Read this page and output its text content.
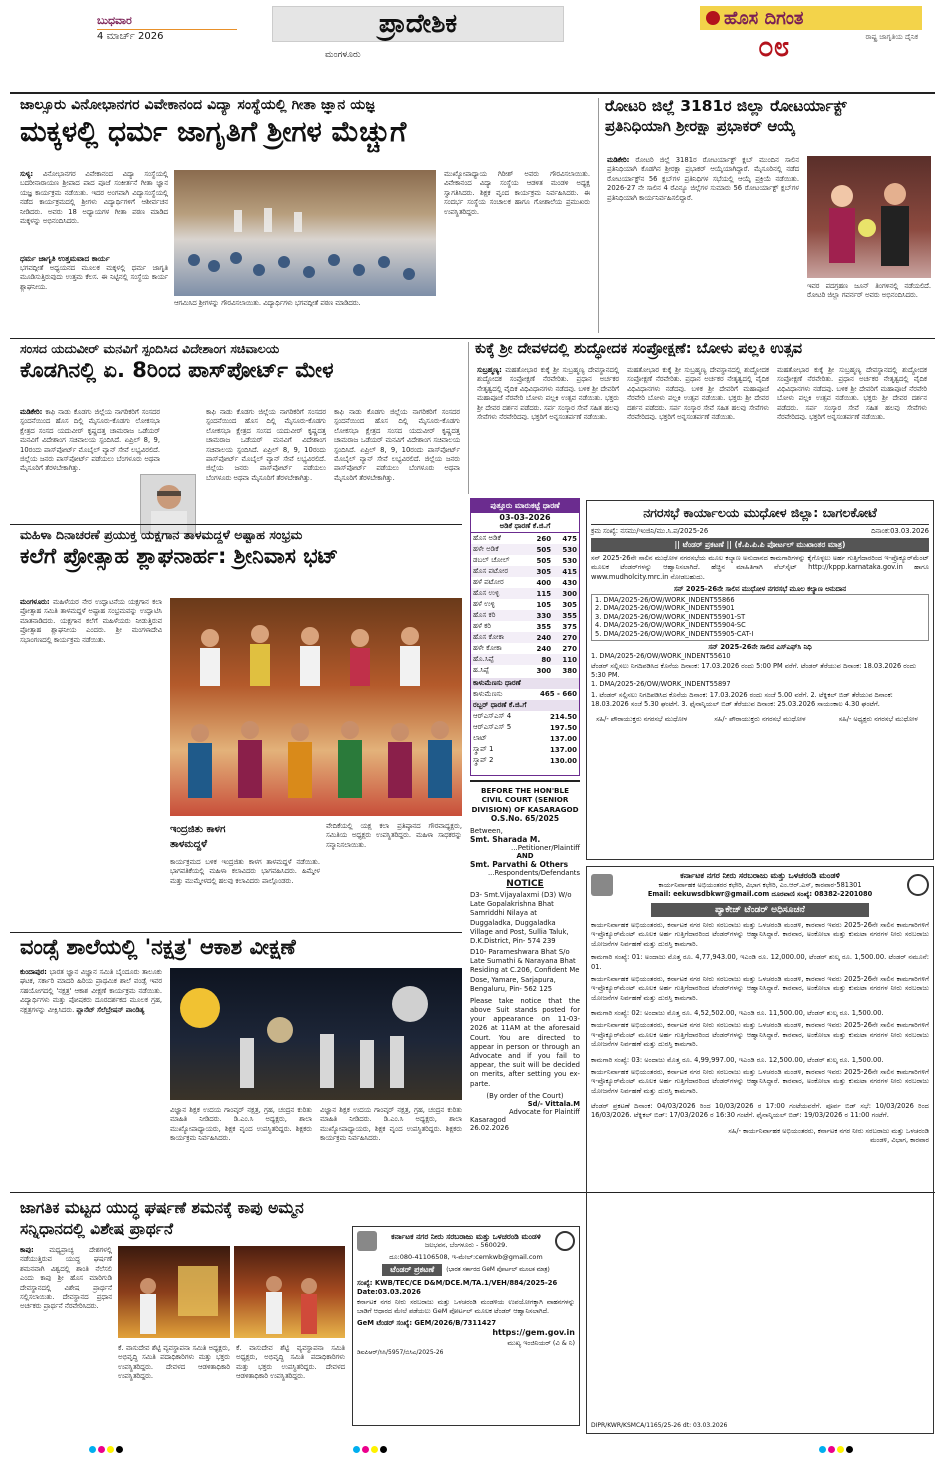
ಬುಧವಾರ
4 ಮಾರ್ಚ್ 2026
ಮಂಗಳೂರು
ಪ್ರಾದೇಶಿಕ	ಹೊಸ ದಿಗಂತ
೦೮	ರಾಷ್ಟ್ರ ಜಾಗೃತಿಯ ದೈನಿಕ
ಜಾಲ್ಸೂರು ವಿನೋಭಾನಗರ ವಿವೇಕಾನಂದ ವಿದ್ಯಾ ಸಂಸ್ಥೆಯಲ್ಲಿ ಗೀತಾ ಜ್ಞಾನ ಯಜ್ಞ
ಮಕ್ಕಳಲ್ಲಿ ಧರ್ಮ ಜಾಗೃತಿಗೆ ಶ್ರೀಗಳ ಮೆಚ್ಚುಗೆ
ಸುಳ್ಯ: ವಿನೋಭಾನಗರ ವಿವೇಕಾನಂದ ವಿದ್ಯಾ ಸಂಸ್ಥೆಯಲ್ಲಿ ಬದರೀನಾರಾಯಣ ಶ್ರೀಪಾದ ಪಾದ ಪೂಜೆ ಸಂಕೀರ್ತನೆ ಗೀತಾ ಜ್ಞಾನ ಯಜ್ಞ ಕಾರ್ಯಕ್ರಮ ನಡೆಯಿತು. ಇದರ ಅಂಗವಾಗಿ ವಿದ್ಯಾಸಂಸ್ಥೆಯಲ್ಲಿ ನಡೆದ ಕಾರ್ಯಕ್ರಮದಲ್ಲಿ ಶ್ರೀಗಳು ವಿದ್ಯಾರ್ಥಿಗಳಿಗೆ ಆಶೀರ್ವಚನ ನೀಡಿದರು. ಅವರು 18 ಅಧ್ಯಾಯಗಳ ಗೀತಾ ಪಠಣ ಮಾಡಿದ ಮಕ್ಕಳನ್ನು ಅಭಿನಂದಿಸಿದರು.
ಧರ್ಮ ಜಾಗೃತಿ ಉತ್ತಮವಾದ ಕಾರ್ಯ
ಭಗವದ್ಗೀತೆ ಅಧ್ಯಯನದ ಮೂಲಕ ಮಕ್ಕಳಲ್ಲಿ ಧರ್ಮ ಜಾಗೃತಿ ಮೂಡಿಸುತ್ತಿರುವುದು ಉತ್ತಮ ಕೆಲಸ. ಈ ನಿಟ್ಟಿನಲ್ಲಿ ಸಂಸ್ಥೆಯ ಕಾರ್ಯ ಶ್ಲಾಘನೀಯ.
ಆಗಮಿಸಿದ ಶ್ರೀಗಳನ್ನು ಗೌರವಿಸಲಾಯಿತು. ವಿದ್ಯಾರ್ಥಿಗಳು ಭಗವದ್ಗೀತೆ ಪಠಣ ಮಾಡಿದರು.
ಮುಖ್ಯೋಪಾಧ್ಯಾಯ ಗಿರೀಶ್ ಅವರು ಗೌರವಿಸಲಾಯಿತು. ವಿವೇಕಾನಂದ ವಿದ್ಯಾ ಸಂಸ್ಥೆಯ ಆಡಳಿತ ಮಂಡಳಿ ಅಧ್ಯಕ್ಷ ಸ್ವಾಗತಿಸಿದರು. ಶಿಕ್ಷಕ ವೃಂದ ಕಾರ್ಯಕ್ರಮ ನಿರ್ವಹಿಸಿದರು. ಈ ಸಂದರ್ಭ ಸಂಸ್ಥೆಯ ಸಂಚಾಲಕ ಹಾಗೂ ಗೋಶಾಲೆಯ ಪ್ರಮುಖರು ಉಪಸ್ಥಿತರಿದ್ದರು.
ರೋಟರಿ ಜಿಲ್ಲೆ 3181ರ ಜಿಲ್ಲಾ ರೋಟರ್ಯಾಕ್ಟ್
ಪ್ರತಿನಿಧಿಯಾಗಿ ಶ್ರೀರಕ್ಷಾ ಪ್ರಭಾಕರ್ ಆಯ್ಕೆ
ಮಡಿಕೇರಿ: ರೋಟರಿ ಜಿಲ್ಲೆ 3181ರ ರೋಟರ್ಯಾಕ್ಟ್ ಕ್ಲಬ್ ಮುಂದಿನ ಸಾಲಿನ ಪ್ರತಿನಿಧಿಯಾಗಿ ಕೊಡಗಿನ ಶ್ರೀರಕ್ಷಾ ಪ್ರಭಾಕರ್ ಆಯ್ಕೆಯಾಗಿದ್ದಾರೆ. ಮೈಸೂರಿನಲ್ಲಿ ನಡೆದ ರೋಟರ್ಯಾಕ್ಟ್‌ನ 56 ಕ್ಲಬ್‌ಗಳ ಪ್ರತಿನಿಧಿಗಳ ಸಭೆಯಲ್ಲಿ ಆಯ್ಕೆ ಪ್ರಕ್ರಿಯೆ ನಡೆಯಿತು. 2026-27 ನೇ ಸಾಲಿನ 4 ರೆವಿನ್ಯೂ ಜಿಲ್ಲೆಗಳ ಸುಮಾರು 56 ರೋಟರ್ಯಾಕ್ಟ್ ಕ್ಲಬ್‌ಗಳ ಪ್ರತಿನಿಧಿಯಾಗಿ ಕಾರ್ಯನಿರ್ವಹಿಸಲಿದ್ದಾರೆ.
ಇವರ ಪದಗ್ರಹಣ ಜೂನ್ ತಿಂಗಳಿನಲ್ಲಿ ನಡೆಯಲಿದೆ. ರೋಟರಿ ಜಿಲ್ಲಾ ಗವರ್ನರ್ ಅವರು ಅಭಿನಂದಿಸಿದರು.
ಸಂಸದ ಯದುವೀರ್ ಮನವಿಗೆ ಸ್ಪಂದಿಸಿದ ವಿದೇಶಾಂಗ ಸಚಿವಾಲಯ
ಕೊಡಗಿನಲ್ಲಿ ಏ. 8ರಿಂದ ಪಾಸ್‌ಪೋರ್ಟ್ ಮೇಳ
ಮಡಿಕೇರಿ: ಕಾಫಿ ನಾಡು ಕೊಡಗು ಜಿಲ್ಲೆಯ ನಾಗರಿಕರಿಗೆ ಸಂಸದರ ಸ್ಪಂದನೆಯಿಂದ ಹೊಸ ದಿಲ್ಲಿ ಮೈಸೂರು-ಕೊಡಗು ಲೋಕಸಭಾ ಕ್ಷೇತ್ರದ ಸಂಸದ ಯದುವೀರ್ ಕೃಷ್ಣದತ್ತ ಚಾಮರಾಜ ಒಡೆಯರ್ ಮನವಿಗೆ ವಿದೇಶಾಂಗ ಸಚಿವಾಲಯ ಸ್ಪಂದಿಸಿದೆ. ಏಪ್ರಿಲ್ 8, 9, 10ರಂದು ಪಾಸ್‌ಪೋರ್ಟ್ ಮೊಬೈಲ್ ವ್ಯಾನ್ ಸೇವೆ ಲಭ್ಯವಿರಲಿದೆ. ಜಿಲ್ಲೆಯ ಜನರು ಪಾಸ್‌ಪೋರ್ಟ್ ಪಡೆಯಲು ಬೆಂಗಳೂರು ಅಥವಾ ಮೈಸೂರಿಗೆ ತೆರಳಬೇಕಾಗಿತ್ತು.
ಕಾಫಿ ನಾಡು ಕೊಡಗು ಜಿಲ್ಲೆಯ ನಾಗರಿಕರಿಗೆ ಸಂಸದರ ಸ್ಪಂದನೆಯಿಂದ ಹೊಸ ದಿಲ್ಲಿ ಮೈಸೂರು-ಕೊಡಗು ಲೋಕಸಭಾ ಕ್ಷೇತ್ರದ ಸಂಸದ ಯದುವೀರ್ ಕೃಷ್ಣದತ್ತ ಚಾಮರಾಜ ಒಡೆಯರ್ ಮನವಿಗೆ ವಿದೇಶಾಂಗ ಸಚಿವಾಲಯ ಸ್ಪಂದಿಸಿದೆ. ಏಪ್ರಿಲ್ 8, 9, 10ರಂದು ಪಾಸ್‌ಪೋರ್ಟ್ ಮೊಬೈಲ್ ವ್ಯಾನ್ ಸೇವೆ ಲಭ್ಯವಿರಲಿದೆ. ಜಿಲ್ಲೆಯ ಜನರು ಪಾಸ್‌ಪೋರ್ಟ್ ಪಡೆಯಲು ಬೆಂಗಳೂರು ಅಥವಾ ಮೈಸೂರಿಗೆ ತೆರಳಬೇಕಾಗಿತ್ತು.
ಕಾಫಿ ನಾಡು ಕೊಡಗು ಜಿಲ್ಲೆಯ ನಾಗರಿಕರಿಗೆ ಸಂಸದರ ಸ್ಪಂದನೆಯಿಂದ ಹೊಸ ದಿಲ್ಲಿ ಮೈಸೂರು-ಕೊಡಗು ಲೋಕಸಭಾ ಕ್ಷೇತ್ರದ ಸಂಸದ ಯದುವೀರ್ ಕೃಷ್ಣದತ್ತ ಚಾಮರಾಜ ಒಡೆಯರ್ ಮನವಿಗೆ ವಿದೇಶಾಂಗ ಸಚಿವಾಲಯ ಸ್ಪಂದಿಸಿದೆ. ಏಪ್ರಿಲ್ 8, 9, 10ರಂದು ಪಾಸ್‌ಪೋರ್ಟ್ ಮೊಬೈಲ್ ವ್ಯಾನ್ ಸೇವೆ ಲಭ್ಯವಿರಲಿದೆ. ಜಿಲ್ಲೆಯ ಜನರು ಪಾಸ್‌ಪೋರ್ಟ್ ಪಡೆಯಲು ಬೆಂಗಳೂರು ಅಥವಾ ಮೈಸೂರಿಗೆ ತೆರಳಬೇಕಾಗಿತ್ತು.
ಕುಕ್ಕೆ ಶ್ರೀ ದೇವಳದಲ್ಲಿ ಶುದ್ಧೋದಕ ಸಂಪ್ರೋಕ್ಷಣೆ: ಬೋಳು ಪಲ್ಲಕಿ ಉತ್ಸವ
ಸುಬ್ರಹ್ಮಣ್ಯ: ಮಹತೋಭಾರ ಕುಕ್ಕೆ ಶ್ರೀ ಸುಬ್ರಹ್ಮಣ್ಯ ದೇವಸ್ಥಾನದಲ್ಲಿ ಶುದ್ಧೋದಕ ಸಂಪ್ರೋಕ್ಷಣೆ ನೆರವೇರಿತು. ಪ್ರಧಾನ ಅರ್ಚಕರ ನೇತೃತ್ವದಲ್ಲಿ ವೈದಿಕ ವಿಧಿವಿಧಾನಗಳು ನಡೆದವು. ಬಳಿಕ ಶ್ರೀ ದೇವರಿಗೆ ಮಹಾಪೂಜೆ ನೆರವೇರಿ ಬೋಳು ಪಲ್ಲಕಿ ಉತ್ಸವ ನಡೆಯಿತು. ಭಕ್ತರು ಶ್ರೀ ದೇವರ ದರ್ಶನ ಪಡೆದರು. ಸರ್ಪ ಸಂಸ್ಕಾರ ಸೇವೆ ಸಹಿತ ಹಲವು ಸೇವೆಗಳು ನೆರವೇರಿದವು. ಭಕ್ತರಿಗೆ ಅನ್ನಸಂತರ್ಪಣೆ ನಡೆಯಿತು.
ಮಹತೋಭಾರ ಕುಕ್ಕೆ ಶ್ರೀ ಸುಬ್ರಹ್ಮಣ್ಯ ದೇವಸ್ಥಾನದಲ್ಲಿ ಶುದ್ಧೋದಕ ಸಂಪ್ರೋಕ್ಷಣೆ ನೆರವೇರಿತು. ಪ್ರಧಾನ ಅರ್ಚಕರ ನೇತೃತ್ವದಲ್ಲಿ ವೈದಿಕ ವಿಧಿವಿಧಾನಗಳು ನಡೆದವು. ಬಳಿಕ ಶ್ರೀ ದೇವರಿಗೆ ಮಹಾಪೂಜೆ ನೆರವೇರಿ ಬೋಳು ಪಲ್ಲಕಿ ಉತ್ಸವ ನಡೆಯಿತು. ಭಕ್ತರು ಶ್ರೀ ದೇವರ ದರ್ಶನ ಪಡೆದರು. ಸರ್ಪ ಸಂಸ್ಕಾರ ಸೇವೆ ಸಹಿತ ಹಲವು ಸೇವೆಗಳು ನೆರವೇರಿದವು. ಭಕ್ತರಿಗೆ ಅನ್ನಸಂತರ್ಪಣೆ ನಡೆಯಿತು.
ಮಹತೋಭಾರ ಕುಕ್ಕೆ ಶ್ರೀ ಸುಬ್ರಹ್ಮಣ್ಯ ದೇವಸ್ಥಾನದಲ್ಲಿ ಶುದ್ಧೋದಕ ಸಂಪ್ರೋಕ್ಷಣೆ ನೆರವೇರಿತು. ಪ್ರಧಾನ ಅರ್ಚಕರ ನೇತೃತ್ವದಲ್ಲಿ ವೈದಿಕ ವಿಧಿವಿಧಾನಗಳು ನಡೆದವು. ಬಳಿಕ ಶ್ರೀ ದೇವರಿಗೆ ಮಹಾಪೂಜೆ ನೆರವೇರಿ ಬೋಳು ಪಲ್ಲಕಿ ಉತ್ಸವ ನಡೆಯಿತು. ಭಕ್ತರು ಶ್ರೀ ದೇವರ ದರ್ಶನ ಪಡೆದರು. ಸರ್ಪ ಸಂಸ್ಕಾರ ಸೇವೆ ಸಹಿತ ಹಲವು ಸೇವೆಗಳು ನೆರವೇರಿದವು. ಭಕ್ತರಿಗೆ ಅನ್ನಸಂತರ್ಪಣೆ ನಡೆಯಿತು.
ಪುತ್ತೂರು ಮಾರುಕಟ್ಟೆ ಧಾರಣೆ
03-03-2026
ಅಡಿಕೆ ಧಾರಣೆ ಕೆ.ಜಿ.ಗೆ
ಹೊಸ ಅಡಿಕೆ	260	475
ಹಳೇ ಅಡಿಕೆ	505	530
ಡಬಲ್ ಚೋಲ್	505	530
ಹೊಸ ಪಟೋರ	305	415
ಹಳೆ ಪಟೋರ	400	430
ಹೊಸ ಉಳ್ಳಿ	115	300
ಹಳೆ ಉಳ್ಳಿ	105	305
ಹೊಸ ಕರಿ	330	355
ಹಳೆ ಕರಿ	355	375
ಹೊಸ ಕೋಕಾ	240	270
ಹಳೇ ಕೋಕಾ	240	270
ಹೊ.ಸಿಪ್ಪೆ	80	110
ಹ.ಸಿಪ್ಪೆ	300	380
ಕಾಳುಮೆಣಸು ಧಾರಣೆ
ಕಾಳುಮೆಣಸು	465 - 660
ರಬ್ಬರ್ ಧಾರಣೆ ಕೆ.ಜಿ.ಗೆ
ಆರ್‌ಎಸ್‌ಎಸ್ 4	214.50
ಆರ್‌ಎಸ್‌ಎಸ್ 5	197.50
ಲಾಟ್	137.00
ಸ್ಕ್ರಾಪ್ 1	137.00
ಸ್ಕ್ರಾಪ್ 2	130.00
BEFORE THE HON'BLE CIVIL COURT (SENIOR DIVISION) OF KASARAGOD
O.S.No. 65/2025
Between,
Smt. Sharada M.
...Petitioner/Plaintiff
AND
Smt. Parvathi & Others
...Respondents/Defendants
NOTICE
D3- Smt.Vijayalaxmi (D3) W/o Late Gopalakrishna Bhat Samriddhi Nilaya at Duggaladka, Duggaladka Village and Post, Sullia Taluk, D.K.District, Pin- 574 239
D10- Parameshwara Bhat S/o Late Sumathi & Narayana Bhat Residing at C.206, Confident Me Dose, Yamare, Sarjapura, Bengaluru, Pin- 562 125
Please take notice that the above Suit stands posted for your appearance on 11-03-2026 at 11AM at the aforesaid Court. You are directed to appear in person or through an Advocate and if you fail to appear, the suit will be decided on merits, after setting you ex-parte.
(By order of the Court)
Sd/- Vittala.M
Advocate for Plaintiff
Kasaragod
26.02.2026
ಮಹಿಳಾ ದಿನಾಚರಣೆ ಪ್ರಯುಕ್ತ ಯಕ್ಷಗಾನ ತಾಳಮದ್ದಳೆ ಅಷ್ಟಾಹ ಸಂಭ್ರಮ
ಕಲೆಗೆ ಪ್ರೋತ್ಸಾಹ ಶ್ಲಾಘನಾರ್ಹ: ಶ್ರೀನಿವಾಸ ಭಟ್
ಮಂಗಳೂರು: ಮಹಿಳೆಯರ ನೇರ ಉದ್ಘಾಟನೆಯ ಯಕ್ಷಗಾನ ಕಲಾ ಪ್ರೋತ್ಸಾಹ ಸಮಿತಿ ತಾಳಮದ್ದಳೆ ಅಷ್ಟಾಹ ಸಂಭ್ರಮವನ್ನು ಉದ್ಘಾಟಿಸಿ ಮಾತನಾಡಿದರು. ಯಕ್ಷಗಾನ ಕಲೆಗೆ ಮಹಿಳೆಯರು ನೀಡುತ್ತಿರುವ ಪ್ರೋತ್ಸಾಹ ಶ್ಲಾಘನೀಯ ಎಂದರು. ಶ್ರೀ ಮಂಗಳಾದೇವಿ ಸಭಾಂಗಣದಲ್ಲಿ ಕಾರ್ಯಕ್ರಮ ನಡೆಯಿತು.
ಇಂದ್ರಜಿತು ಕಾಳಗ ತಾಳಮದ್ದಳೆ
ಕಾರ್ಯಕ್ರಮದ ಬಳಿಕ ಇಂದ್ರಜಿತು ಕಾಳಗ ತಾಳಮದ್ದಳೆ ನಡೆಯಿತು. ಭಾಗವತಿಕೆಯಲ್ಲಿ ಮಹಿಳಾ ಕಲಾವಿದರು ಭಾಗವಹಿಸಿದರು. ಹಿಮ್ಮೇಳ ಮತ್ತು ಮುಮ್ಮೇಳದಲ್ಲಿ ಹಲವು ಕಲಾವಿದರು ಪಾಲ್ಗೊಂಡರು.
ವೇದಿಕೆಯಲ್ಲಿ ಯಕ್ಷ ಕಲಾ ಪ್ರತಿಷ್ಠಾನದ ಗೌರವಾಧ್ಯಕ್ಷರು, ಸಮಿತಿಯ ಅಧ್ಯಕ್ಷರು ಉಪಸ್ಥಿತರಿದ್ದರು. ಮಹಿಳಾ ಸಾಧಕರನ್ನು ಸನ್ಮಾನಿಸಲಾಯಿತು.
ವಂಡ್ಸೆ ಶಾಲೆಯಲ್ಲಿ 'ನಕ್ಷತ್ರ' ಆಕಾಶ ವೀಕ್ಷಣೆ
ಕುಂದಾಪುರ: ಭಾರತ ಜ್ಞಾನ ವಿಜ್ಞಾನ ಸಮಿತಿ ಬೈಂದೂರು ತಾಲೂಕು ಘಟಕ, ಸರ್ಕಾರಿ ಮಾದರಿ ಹಿರಿಯ ಪ್ರಾಥಮಿಕ ಶಾಲೆ ವಂಡ್ಸೆ ಇವರ ಸಹಯೋಗದಲ್ಲಿ 'ನಕ್ಷತ್ರ' ಆಕಾಶ ವೀಕ್ಷಣೆ ಕಾರ್ಯಕ್ರಮ ನಡೆಯಿತು. ವಿದ್ಯಾರ್ಥಿಗಳು ಮತ್ತು ಪೋಷಕರು ದೂರದರ್ಶಕದ ಮೂಲಕ ಗ್ರಹ, ನಕ್ಷತ್ರಗಳನ್ನು ವೀಕ್ಷಿಸಿದರು. ಪ್ಲಾನೆಟ್ ಸೆಲೆಬ್ರೇಷನ್ ಪಾಂಡಿತ್ಯ
ವಿಜ್ಞಾನ ಶಿಕ್ಷಕ ಉದಯ ಗಾಂವ್ಕರ್ ನಕ್ಷತ್ರ, ಗ್ರಹ, ಚಂದ್ರನ ಕುರಿತು ಮಾಹಿತಿ ನೀಡಿದರು. ಡಿ.ಎಂ.ಸಿ ಅಧ್ಯಕ್ಷರು, ಶಾಲಾ ಮುಖ್ಯೋಪಾಧ್ಯಾಯರು, ಶಿಕ್ಷಕ ವೃಂದ ಉಪಸ್ಥಿತರಿದ್ದರು. ಶಿಕ್ಷಕರು ಕಾರ್ಯಕ್ರಮ ನಿರ್ವಹಿಸಿದರು.
ವಿಜ್ಞಾನ ಶಿಕ್ಷಕ ಉದಯ ಗಾಂವ್ಕರ್ ನಕ್ಷತ್ರ, ಗ್ರಹ, ಚಂದ್ರನ ಕುರಿತು ಮಾಹಿತಿ ನೀಡಿದರು. ಡಿ.ಎಂ.ಸಿ ಅಧ್ಯಕ್ಷರು, ಶಾಲಾ ಮುಖ್ಯೋಪಾಧ್ಯಾಯರು, ಶಿಕ್ಷಕ ವೃಂದ ಉಪಸ್ಥಿತರಿದ್ದರು. ಶಿಕ್ಷಕರು ಕಾರ್ಯಕ್ರಮ ನಿರ್ವಹಿಸಿದರು.
ಜಾಗತಿಕ ಮಟ್ಟದ ಯುದ್ಧ ಘರ್ಷಣೆ ಶಮನಕ್ಕೆ ಕಾಪು ಅಮ್ಮನ ಸನ್ನಿಧಾನದಲ್ಲಿ ವಿಶೇಷ ಪ್ರಾರ್ಥನೆ
ಕಾಪು: ಮಧ್ಯಪ್ರಾಚ್ಯ ದೇಶಗಳಲ್ಲಿ ನಡೆಯುತ್ತಿರುವ ಯುದ್ಧ ಘರ್ಷಣೆ ಶಮನವಾಗಿ ವಿಶ್ವದಲ್ಲಿ ಶಾಂತಿ ನೆಲೆಸಲಿ ಎಂದು ಕಾಪು ಶ್ರೀ ಹೊಸ ಮಾರಿಗುಡಿ ದೇವಸ್ಥಾನದಲ್ಲಿ ವಿಶೇಷ ಪ್ರಾರ್ಥನೆ ಸಲ್ಲಿಸಲಾಯಿತು. ದೇವಸ್ಥಾನದ ಪ್ರಧಾನ ಅರ್ಚಕರು ಪ್ರಾರ್ಥನೆ ನೆರವೇರಿಸಿದರು.
ಕೆ. ವಾಸುದೇವ ಶೆಟ್ಟಿ ವ್ಯವಸ್ಥಾಪನಾ ಸಮಿತಿ ಅಧ್ಯಕ್ಷರು, ಅಭಿವೃದ್ಧಿ ಸಮಿತಿ ಪದಾಧಿಕಾರಿಗಳು ಮತ್ತು ಭಕ್ತರು ಉಪಸ್ಥಿತರಿದ್ದರು. ದೇವಳದ ಆಡಳಿತಾಧಿಕಾರಿ ಉಪಸ್ಥಿತರಿದ್ದರು.
ಕೆ. ವಾಸುದೇವ ಶೆಟ್ಟಿ ವ್ಯವಸ್ಥಾಪನಾ ಸಮಿತಿ ಅಧ್ಯಕ್ಷರು, ಅಭಿವೃದ್ಧಿ ಸಮಿತಿ ಪದಾಧಿಕಾರಿಗಳು ಮತ್ತು ಭಕ್ತರು ಉಪಸ್ಥಿತರಿದ್ದರು. ದೇವಳದ ಆಡಳಿತಾಧಿಕಾರಿ ಉಪಸ್ಥಿತರಿದ್ದರು.
ಕರ್ನಾಟಕ ನಗರ ನೀರು ಸರಬರಾಜು ಮತ್ತು ಒಳಚರಂಡಿ ಮಂಡಳಿ
ಜಲಭವನ, ಬೆಂಗಳೂರು - 560029.
ದೂ:080-41106508, ಇ-ಮೇಲ್:cemkwb@gmail.com
ಟೆಂಡರ್ ಪ್ರಕಟಣೆ	(ಭಾರತ ಸರ್ಕಾರದ GeM ಪೋರ್ಟಲ್ ಮೂಲಕ ಮಾತ್ರ)
ಸಂಖ್ಯೆ: KWB/TEC/CE D&M/DCE.M/TA.1/VEH/884/2025-26
Date:03.03.2026
ಕರ್ನಾಟಕ ನಗರ ನೀರು ಸರಬರಾಜು ಮತ್ತು ಒಳಚರಂಡಿ ಮಂಡಳಿಯ ಉಪಯೋಗಕ್ಕಾಗಿ ವಾಹನಗಳನ್ನು ಬಾಡಿಗೆ ಆಧಾರದ ಮೇಲೆ ಪಡೆಯಲು GeM ಪೋರ್ಟಲ್ ಮೂಲಕ ಟೆಂಡರ್ ಆಹ್ವಾನಿಸಲಾಗಿದೆ.
GeM ಟೆಂಡರ್ ಸಂಖ್ಯೆ: GEM/2026/B/7311427
https://gem.gov.in
ಮುಖ್ಯ ಇಂಜಿನಿಯರ್ (ವಿ & ನಿ)
ಡಿಐಪಿಆರ್/ಸಿಸಿ/5957/ಬಿಸಿಎ/2025-26
ನಗರಸಭೆ ಕಾರ್ಯಾಲಯ ಮುಧೋಳ ಜಿಲ್ಲಾ: ಬಾಗಲಕೋಟೆ
ಕ್ರಮ ಸಂಖ್ಯೆ: ನಸಮು/ಇಂಜಿನಿ/ಮು.ಸಿ.ಪ/2025-26	ದಿನಾಂಕ:03.03.2026
|| ಟೆಂಡರ್ ಪ್ರಕಟಣೆ || (ಕೆ.ಪಿ.ಪಿ.ಪಿ ಪೋರ್ಟಲ್ ಮುಖಾಂತರ ಮಾತ್ರ)
ಸನ್ 2025-26ನೇ ಸಾಲಿನ ಮುಧೋಳ ನಗರಸಭೆಯ ಮೂಲ ಕಲ್ಯಾಣ ಅನುದಾನದ ಕಾಮಗಾರಿಗಳನ್ನು ಕೈಗೊಳ್ಳಲು ಅರ್ಹ ಗುತ್ತಿಗೆದಾರರಿಂದ ಇ-ಪ್ರೊಕ್ಯೂರ್‌ಮೆಂಟ್ ಮೂಲಕ ಟೆಂಡರ್‌ಗಳನ್ನು ಆಹ್ವಾನಿಸಲಾಗಿದೆ. ಹೆಚ್ಚಿನ ಮಾಹಿತಿಗಾಗಿ ವೆಬ್‌ಸೈಟ್ http://kppp.karnataka.gov.in ಹಾಗೂ www.mudholcity.mrc.in ನೋಡಬಹುದು.
ಸನ್ 2025-26ನೇ ಸಾಲಿನ ಮುಧೋಳ ನಗರಸಭೆ ಮೂಲ ಕಲ್ಯಾಣ ಅನುದಾನ
1. DMA/2025-26/OW/WORK_INDENT55866
2. DMA/2025-26/OW/WORK_INDENT55901
3. DMA/2025-26/OW/WORK_INDENT55901-ST
4. DMA/2025-26/OW/WORK_INDENT55904-SC
5. DMA/2025-26/OW/WORK_INDENT55905-CAT-I
ಸನ್ 2025-26ನೇ ಸಾಲಿನ ಎಸ್‌ಎಫ್‌ಸಿ ನಿಧಿ
1. DMA/2025-26/OW/WORK_INDENT55610
ಟೆಂಡರ್ ಸಲ್ಲಿಸಲು ನಿಗದಿಪಡಿಸಿದ ಕೊನೆಯ ದಿನಾಂಕ: 17.03.2026 ರಂದು 5:00 PM ವರೆಗೆ. ಟೆಂಡರ್ ತೆರೆಯುವ ದಿನಾಂಕ: 18.03.2026 ರಂದು 5:30 PM.
1. DMA/2025-26/OW/WORK_INDENT55897
1. ಟೆಂಡರ್ ಸಲ್ಲಿಸಲು ನಿಗದಿಪಡಿಸಿದ ಕೊನೆಯ ದಿನಾಂಕ: 17.03.2026 ರಂದು ಸಂಜೆ 5.00 ವರೆಗೆ. 2. ಟೆಕ್ನಿಕಲ್ ಬಿಡ್ ತೆರೆಯುವ ದಿನಾಂಕ: 18.03.2026 ಸಂಜೆ 5.30 ಘಂಟೆಗೆ. 3. ಫೈನಾನ್ಶಿಯಲ್ ಬಿಡ್ ತೆರೆಯುವ ದಿನಾಂಕ: 25.03.2026 ಸಾಯಂಕಾಲ 4.30 ಘಂಟೆಗೆ.
ಸಹಿ/- ಪೌರಾಯುಕ್ತರು ನಗರಸಭೆ ಮುಧೋಳ	ಸಹಿ/- ಪೌರಾಯುಕ್ತರು ನಗರಸಭೆ ಮುಧೋಳ	ಸಹಿ/- ಅಧ್ಯಕ್ಷರು ನಗರಸಭೆ ಮುಧೋಳ
ಕರ್ನಾಟಕ ನಗರ ನೀರು ಸರಬರಾಜು ಮತ್ತು ಒಳಚರಂಡಿ ಮಂಡಳಿ
ಕಾರ್ಯನಿರ್ವಾಹಕ ಅಭಿಯಂತರರ ಕಛೇರಿ, ವಿಭಾಗ ಕಛೇರಿ, ಎಂ.ಆರ್.ಎಸ್, ಕಾರವಾರ-581301
Email: eekuwsdbkwr@gmail.com ದೂರವಾಣಿ ಸಂಖ್ಯೆ: 08382-2201080
ಪ್ಯಾಕೇಜ್ ಟೆಂಡರ್ ಅಧಿಸೂಚನೆ
ಕಾರ್ಯನಿರ್ವಾಹಕ ಅಭಿಯಂತರರು, ಕರ್ನಾಟಕ ನಗರ ನೀರು ಸರಬರಾಜು ಮತ್ತು ಒಳಚರಂಡಿ ಮಂಡಳಿ, ಕಾರವಾರ ಇವರು 2025-26ನೇ ಸಾಲಿನ ಕಾಮಗಾರಿಗಳಿಗೆ ಇ-ಪ್ರೊಕ್ಯೂರ್‌ಮೆಂಟ್ ಮೂಲಕ ಅರ್ಹ ಗುತ್ತಿಗೆದಾರರಿಂದ ಟೆಂಡರ್‌ಗಳನ್ನು ಆಹ್ವಾನಿಸಿದ್ದಾರೆ. ಕಾರವಾರ, ಅಂಕೋಲಾ ಮತ್ತು ಕುಮಟಾ ನಗರಗಳ ನೀರು ಸರಬರಾಜು ಯೋಜನೆಗಳ ನಿರ್ವಹಣೆ ಮತ್ತು ದುರಸ್ತಿ ಕಾಮಗಾರಿ.
ಕಾಮಗಾರಿ ಸಂಖ್ಯೆ: 01: ಅಂದಾಜು ಮೊತ್ತ ರೂ. 4,77,943.00, ಇಎಂಡಿ ರೂ. 12,000.00, ಟೆಂಡರ್ ಶುಲ್ಕ ರೂ. 1,500.00. ಟೆಂಡರ್ ನಮೂನೆ: 01.
ಕಾರ್ಯನಿರ್ವಾಹಕ ಅಭಿಯಂತರರು, ಕರ್ನಾಟಕ ನಗರ ನೀರು ಸರಬರಾಜು ಮತ್ತು ಒಳಚರಂಡಿ ಮಂಡಳಿ, ಕಾರವಾರ ಇವರು 2025-26ನೇ ಸಾಲಿನ ಕಾಮಗಾರಿಗಳಿಗೆ ಇ-ಪ್ರೊಕ್ಯೂರ್‌ಮೆಂಟ್ ಮೂಲಕ ಅರ್ಹ ಗುತ್ತಿಗೆದಾರರಿಂದ ಟೆಂಡರ್‌ಗಳನ್ನು ಆಹ್ವಾನಿಸಿದ್ದಾರೆ. ಕಾರವಾರ, ಅಂಕೋಲಾ ಮತ್ತು ಕುಮಟಾ ನಗರಗಳ ನೀರು ಸರಬರಾಜು ಯೋಜನೆಗಳ ನಿರ್ವಹಣೆ ಮತ್ತು ದುರಸ್ತಿ ಕಾಮಗಾರಿ.
ಕಾಮಗಾರಿ ಸಂಖ್ಯೆ: 02: ಅಂದಾಜು ಮೊತ್ತ ರೂ. 4,52,502.00, ಇಎಂಡಿ ರೂ. 11,500.00, ಟೆಂಡರ್ ಶುಲ್ಕ ರೂ. 1,500.00.
ಕಾರ್ಯನಿರ್ವಾಹಕ ಅಭಿಯಂತರರು, ಕರ್ನಾಟಕ ನಗರ ನೀರು ಸರಬರಾಜು ಮತ್ತು ಒಳಚರಂಡಿ ಮಂಡಳಿ, ಕಾರವಾರ ಇವರು 2025-26ನೇ ಸಾಲಿನ ಕಾಮಗಾರಿಗಳಿಗೆ ಇ-ಪ್ರೊಕ್ಯೂರ್‌ಮೆಂಟ್ ಮೂಲಕ ಅರ್ಹ ಗುತ್ತಿಗೆದಾರರಿಂದ ಟೆಂಡರ್‌ಗಳನ್ನು ಆಹ್ವಾನಿಸಿದ್ದಾರೆ. ಕಾರವಾರ, ಅಂಕೋಲಾ ಮತ್ತು ಕುಮಟಾ ನಗರಗಳ ನೀರು ಸರಬರಾಜು ಯೋಜನೆಗಳ ನಿರ್ವಹಣೆ ಮತ್ತು ದುರಸ್ತಿ ಕಾಮಗಾರಿ.
ಕಾಮಗಾರಿ ಸಂಖ್ಯೆ: 03: ಅಂದಾಜು ಮೊತ್ತ ರೂ. 4,99,997.00, ಇಎಂಡಿ ರೂ. 12,500.00, ಟೆಂಡರ್ ಶುಲ್ಕ ರೂ. 1,500.00.
ಕಾರ್ಯನಿರ್ವಾಹಕ ಅಭಿಯಂತರರು, ಕರ್ನಾಟಕ ನಗರ ನೀರು ಸರಬರಾಜು ಮತ್ತು ಒಳಚರಂಡಿ ಮಂಡಳಿ, ಕಾರವಾರ ಇವರು 2025-26ನೇ ಸಾಲಿನ ಕಾಮಗಾರಿಗಳಿಗೆ ಇ-ಪ್ರೊಕ್ಯೂರ್‌ಮೆಂಟ್ ಮೂಲಕ ಅರ್ಹ ಗುತ್ತಿಗೆದಾರರಿಂದ ಟೆಂಡರ್‌ಗಳನ್ನು ಆಹ್ವಾನಿಸಿದ್ದಾರೆ. ಕಾರವಾರ, ಅಂಕೋಲಾ ಮತ್ತು ಕುಮಟಾ ನಗರಗಳ ನೀರು ಸರಬರಾಜು ಯೋಜನೆಗಳ ನಿರ್ವಹಣೆ ಮತ್ತು ದುರಸ್ತಿ ಕಾಮಗಾರಿ.
ಟೆಂಡರ್ ಪ್ರಕಟಣೆ ದಿನಾಂಕ: 04/03/2026 ರಿಂದ 10/03/2026 ರ 17:00 ಗಂಟೆಯವರೆಗೆ. ಪೂರ್ವ ಬಿಡ್ ಸಭೆ: 10/03/2026 ರಿಂದ 16/03/2026. ಟೆಕ್ನಿಕಲ್ ಬಿಡ್: 17/03/2026 ರ 16:30 ಗಂಟೆಗೆ. ಫೈನಾನ್ಶಿಯಲ್ ಬಿಡ್: 19/03/2026 ರ 11:00 ಗಂಟೆಗೆ.
ಸಹಿ/- ಕಾರ್ಯನಿರ್ವಾಹಕ ಅಭಿಯಂತರರು, ಕರ್ನಾಟಕ ನಗರ ನೀರು ಸರಬರಾಜು ಮತ್ತು ಒಳಚರಂಡಿ ಮಂಡಳಿ, ವಿಭಾಗ, ಕಾರವಾರ
DIPR/KWR/KSMCA/1165/25-26 dt: 03.03.2026
